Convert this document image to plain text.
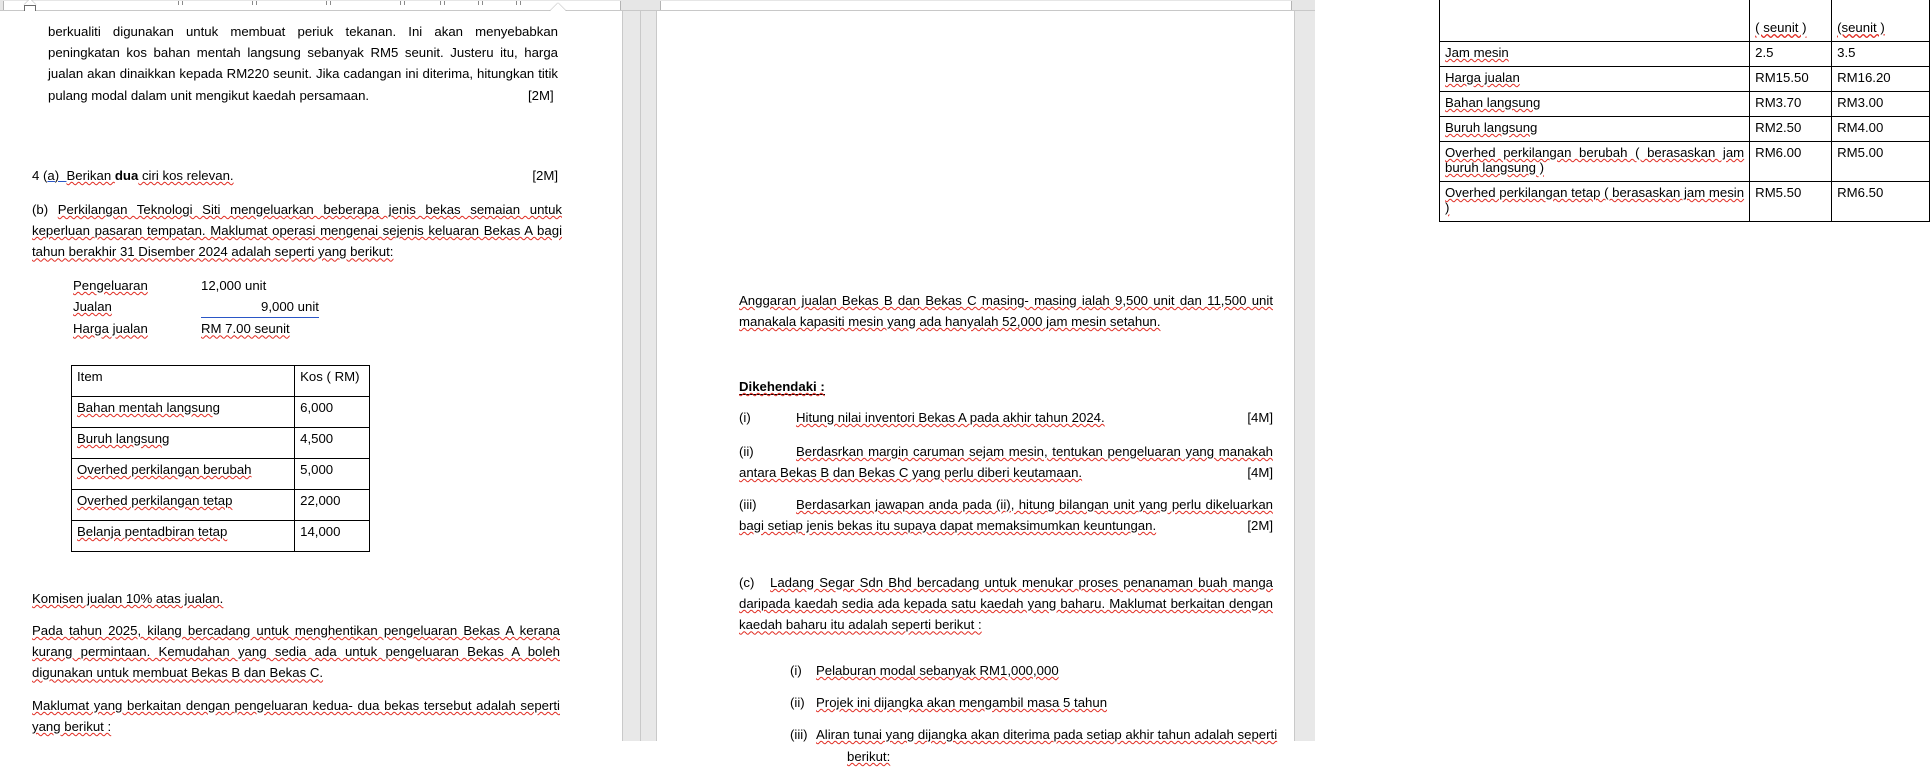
berkualiti digunakan untuk membuat periuk tekanan. Ini akan menyebabkan peningkatan kos bahan mentah langsung sebanyak RM5 seunit. Justeru itu, harga jualan akan dinaikkan kepada RM220 seunit. Jika cadangan ini diterima, hitungkan titik pulang modal dalam unit mengikut kaedah persamaan.	[2M]
4 (a)  Berikan dua ciri kos relevan.	[2M]

(b) Perkilangan Teknologi Siti mengeluarkan beberapa jenis bekas semaian untuk keperluan pasaran tempatan. Maklumat operasi mengenai sejenis keluaran Bekas A bagi tahun berakhir 31 Disember 2024 adalah seperti yang berikut:

Pengeluaran	12,000 unit
Jualan	9,000 unit
Harga jualan	RM 7.00 seunit
Item	Kos ( RM)
Bahan mentah langsung	6,000
Buruh langsung	4,500
Overhed perkilangan berubah	5,000
Overhed perkilangan tetap	22,000
Belanja pentadbiran tetap	14,000
Komisen jualan 10% atas jualan.

Pada tahun 2025, kilang bercadang untuk menghentikan pengeluaran Bekas A kerana kurang permintaan. Kemudahan yang sedia ada untuk pengeluaran Bekas A boleh digunakan untuk membuat Bekas B dan Bekas C.

Maklumat yang berkaitan dengan pengeluaran kedua- dua bekas tersebut adalah seperti yang berikut :

	( seunit )	(seunit )
Jam mesin	2.5	3.5
Harga jualan	RM15.50	RM16.20
Bahan langsung	RM3.70	RM3.00
Buruh langsung	RM2.50	RM4.00
Overhed perkilangan berubah ( berasaskan jam buruh langsung )	RM6.00	RM5.00
Overhed perkilangan tetap ( berasaskan jam mesin )	RM5.50	RM6.50

Anggaran jualan Bekas B dan Bekas C masing- masing ialah 9,500 unit dan 11,500 unit manakala kapasiti mesin yang ada hanyalah 52,000 jam mesin setahun.

Dikehendaki :
(i)	Hitung nilai inventori Bekas A pada akhir tahun 2024.	[4M]
(ii)	Berdasrkan margin caruman sejam mesin, tentukan pengeluaran yang manakah antara Bekas B dan Bekas C yang perlu diberi keutamaan.	[4M]
(iii)	Berdasarkan jawapan anda pada (ii), hitung bilangan unit yang perlu dikeluarkan bagi setiap jenis bekas itu supaya dapat memaksimumkan keuntungan.	[2M]

(c) Ladang Segar Sdn Bhd bercadang untuk menukar proses penanaman buah manga daripada kaedah sedia ada kepada satu kaedah yang baharu. Maklumat berkaitan dengan kaedah baharu itu adalah seperti berikut :

(i) Pelaburan modal sebanyak RM1,000,000
(ii) Projek ini dijangka akan mengambil masa 5 tahun
(iii) Aliran tunai yang dijangka akan diterima pada setiap akhir tahun adalah seperti
berikut:
